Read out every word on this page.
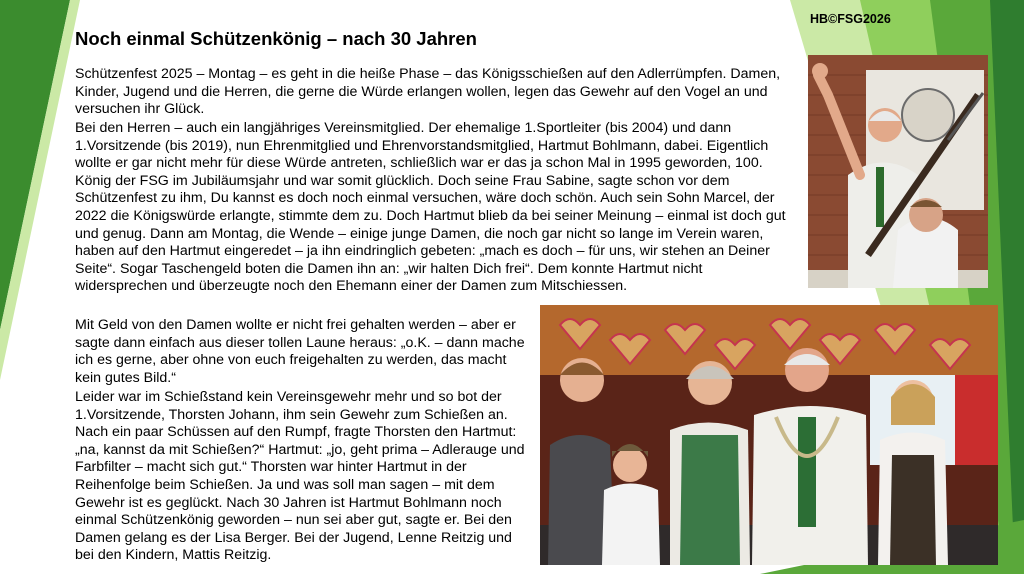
HB©FSG2026
Noch einmal Schützenkönig – nach 30 Jahren

Schützenfest 2025 – Montag – es geht in die heiße Phase – das Königsschießen auf den Adlerrümpfen. Damen, Kinder, Jugend und die Herren, die gerne die Würde erlangen wollen, legen das Gewehr auf den Vogel an und versuchen ihr Glück.

Bei den Herren – auch ein langjähriges Vereinsmitglied. Der ehemalige 1.Sportleiter (bis 2004) und dann 1.Vorsitzende (bis 2019), nun Ehrenmitglied und Ehrenvorstandsmitglied, Hartmut Bohlmann, dabei. Eigentlich wollte er gar nicht mehr für diese Würde antreten, schließlich war er das ja schon Mal in 1995 geworden, 100. König der FSG im Jubiläumsjahr und war somit glücklich. Doch seine Frau Sabine, sagte schon vor dem Schützenfest zu ihm, Du kannst es doch noch einmal versuchen, wäre doch schön. Auch sein Sohn Marcel, der 2022 die Königswürde erlangte, stimmte dem zu. Doch Hartmut blieb da bei seiner Meinung – einmal ist doch gut und genug. Dann am Montag, die Wende – einige junge Damen, die noch gar nicht so lange im Verein waren, haben auf den Hartmut eingeredet – ja ihn eindringlich gebeten: „mach es doch – für uns, wir stehen an Deiner Seite“. Sogar Taschengeld boten die Damen ihn an: „wir halten Dich frei“. Dem konnte Hartmut nicht widersprechen und überzeugte noch den Ehemann einer der Damen zum Mitschiessen.

Mit Geld von den Damen wollte er nicht frei gehalten werden – aber er sagte dann einfach aus dieser tollen Laune heraus: „o.K. – dann mache ich es gerne, aber ohne von euch freigehalten zu werden, das macht kein gutes Bild.“

Leider war im Schießstand kein Vereinsgewehr mehr und so bot der 1.Vorsitzende, Thorsten Johann, ihm sein Gewehr zum Schießen an. Nach ein paar Schüssen auf den Rumpf, fragte Thorsten den Hartmut: „na, kannst da mit Schießen?“ Hartmut: „jo, geht prima – Adlerauge und Farbfilter – macht sich gut.“ Thorsten war hinter Hartmut in der Reihenfolge beim Schießen. Ja und was soll man sagen – mit dem Gewehr ist es geglückt. Nach 30 Jahren ist Hartmut Bohlmann noch einmal Schützenkönig geworden – nun sei aber gut, sagte er. Bei den Damen gelang es der Lisa Berger. Bei der Jugend, Lenne Reitzig und bei den Kindern, Mattis Reitzig.
